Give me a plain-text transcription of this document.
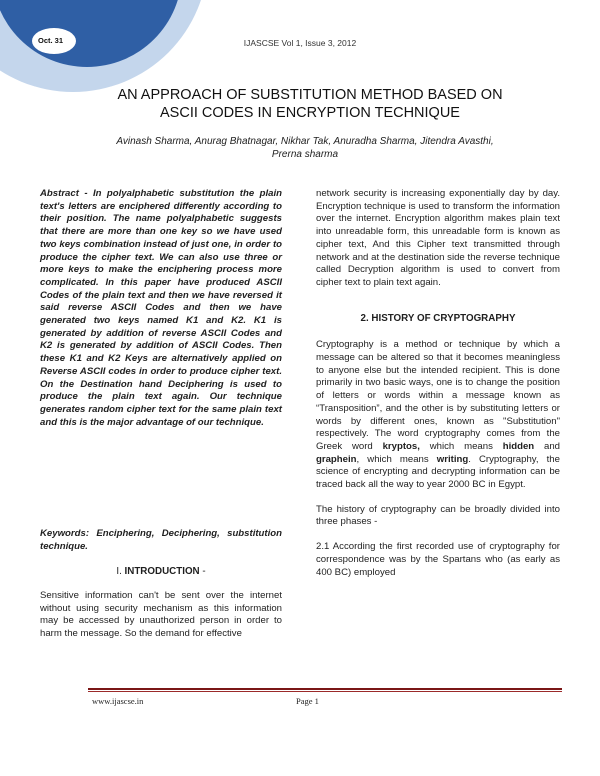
Oct. 31	IJASCSE Vol 1, Issue 3, 2012
AN APPROACH OF SUBSTITUTION METHOD BASED ON
ASCII CODES IN ENCRYPTION TECHNIQUE
Avinash Sharma, Anurag Bhatnagar, Nikhar Tak, Anuradha Sharma, Jitendra Avasthi,
Prerna sharma

Abstract - In polyalphabetic substitution the plain text's letters are enciphered differently according to their position. The name polyalphabetic suggests that there are more than one key so we have used two keys combination instead of just one, in order to produce the cipher text. We can also use three or more keys to make the enciphering process more complicated. In this paper have produced ASCII Codes of the plain text and then we have reversed it said reverse ASCII Codes and then we have generated two keys named K1 and K2. K1 is generated by addition of reverse ASCII Codes and K2 is generated by addition of ASCII Codes. Then these K1 and K2 Keys are alternatively applied on Reverse ASCII codes in order to produce cipher text. On the Destination hand Deciphering is used to produce the plain text again. Our technique generates random cipher text for the same plain text and this is the major advantage of our technique.

Keywords: Enciphering, Deciphering, substitution technique.

I. INTRODUCTION -

Sensitive information can't be sent over the internet without using security mechanism as this information may be accessed by unauthorized person in order to harm the message. So the demand for effective

network security is increasing exponentially day by day. Encryption technique is used to transform the information over the internet. Encryption algorithm makes plain text into unreadable form, this unreadable form is known as cipher text, And this Cipher text transmitted through network and at the destination side the reverse technique called Decryption algorithm is used to convert from cipher text to plain text again.

2. HISTORY OF CRYPTOGRAPHY

Cryptography is a method or technique by which a message can be altered so that it becomes meaningless to anyone else but the intended recipient. This is done primarily in two basic ways, one is to change the position of letters or words within a message known as “Transposition”, and the other is by substituting letters or words by different ones, known as "Substitution" respectively. The word cryptography comes from the Greek word kryptos, which means hidden and graphein, which means writing. Cryptography, the science of encrypting and decrypting information can be traced back all the way to year 2000 BC in Egypt.

The history of cryptography can be broadly divided into three phases -

2.1 According the first recorded use of cryptography for correspondence was by the Spartans who (as early as 400 BC) employed

www.ijascse.in	Page 1
